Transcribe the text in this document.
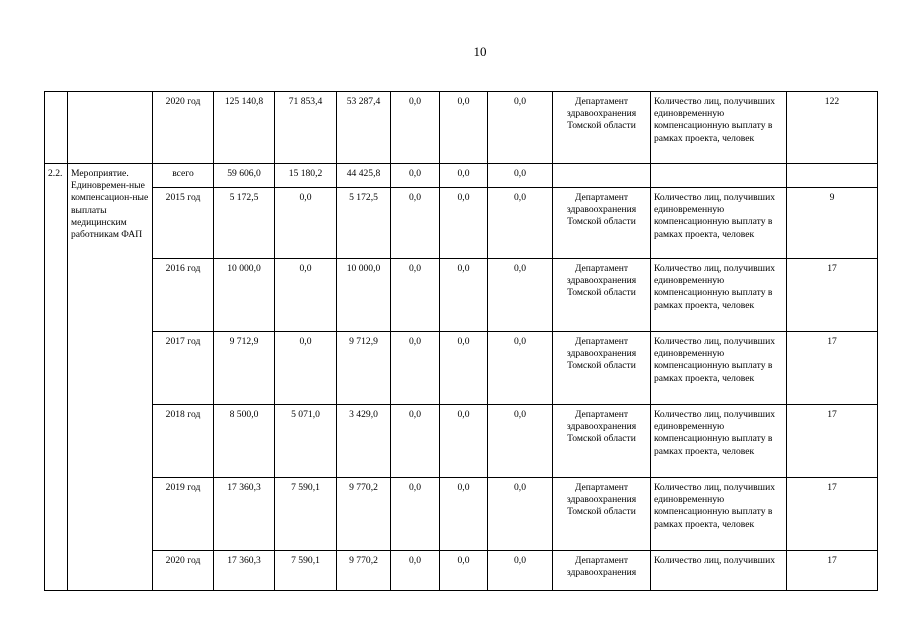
10
		2020 год	125 140,8	71 853,4	53 287,4	0,0	0,0	0,0	Департамент здравоохранения Томской области	Количество лиц, получивших единовременную компенсационную выплату в рамках проекта, человек	122
2.2.	Мероприятие. Единовремен-ные компенсацион-ные выплаты медицинским работникам ФАП	всего	59 606,0	15 180,2	44 425,8	0,0	0,0	0,0			
		2015 год	5 172,5	0,0	5 172,5	0,0	0,0	0,0	Департамент здравоохранения Томской области	Количество лиц, получивших единовременную компенсационную выплату в рамках проекта, человек	9
		2016 год	10 000,0	0,0	10 000,0	0,0	0,0	0,0	Департамент здравоохранения Томской области	Количество лиц, получивших единовременную компенсационную выплату в рамках проекта, человек	17
		2017 год	9 712,9	0,0	9 712,9	0,0	0,0	0,0	Департамент здравоохранения Томской области	Количество лиц, получивших единовременную компенсационную выплату в рамках проекта, человек	17
		2018 год	8 500,0	5 071,0	3 429,0	0,0	0,0	0,0	Департамент здравоохранения Томской области	Количество лиц, получивших единовременную компенсационную выплату в рамках проекта, человек	17
		2019 год	17 360,3	7 590,1	9 770,2	0,0	0,0	0,0	Департамент здравоохранения Томской области	Количество лиц, получивших единовременную компенсационную выплату в рамках проекта, человек	17
		2020 год	17 360,3	7 590,1	9 770,2	0,0	0,0	0,0	Департамент здравоохранения	Количество лиц, получивших	17
